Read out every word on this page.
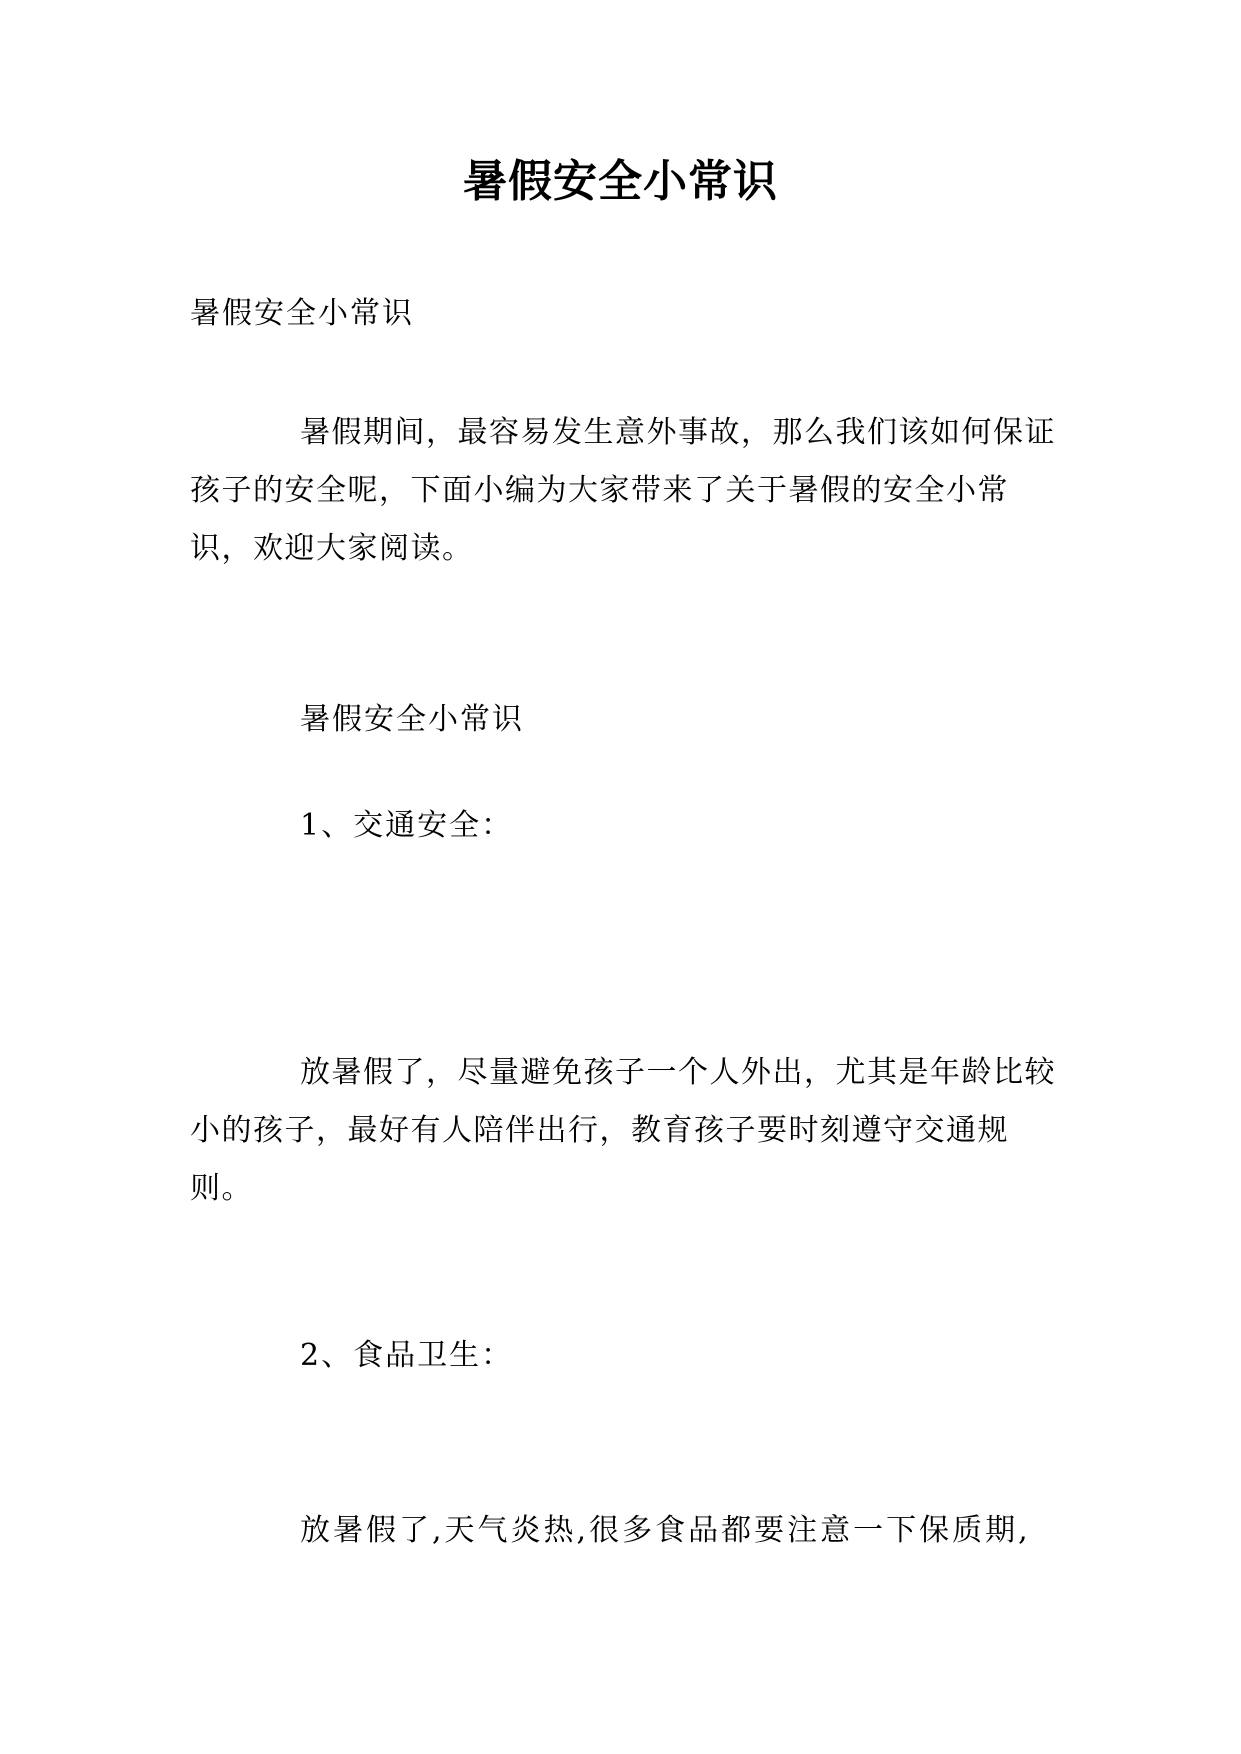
暑假安全小常识
暑假安全小常识
暑假期间，最容易发生意外事故，那么我们该如何保证孩子的安全呢，下面小编为大家带来了关于暑假的安全小常识，欢迎大家阅读。
暑假安全小常识
1、交通安全：
放暑假了，尽量避免孩子一个人外出，尤其是年龄比较小的孩子，最好有人陪伴出行，教育孩子要时刻遵守交通规则。
2、食品卫生：
放暑假了,天气炎热,很多食品都要注意一下保质期,
